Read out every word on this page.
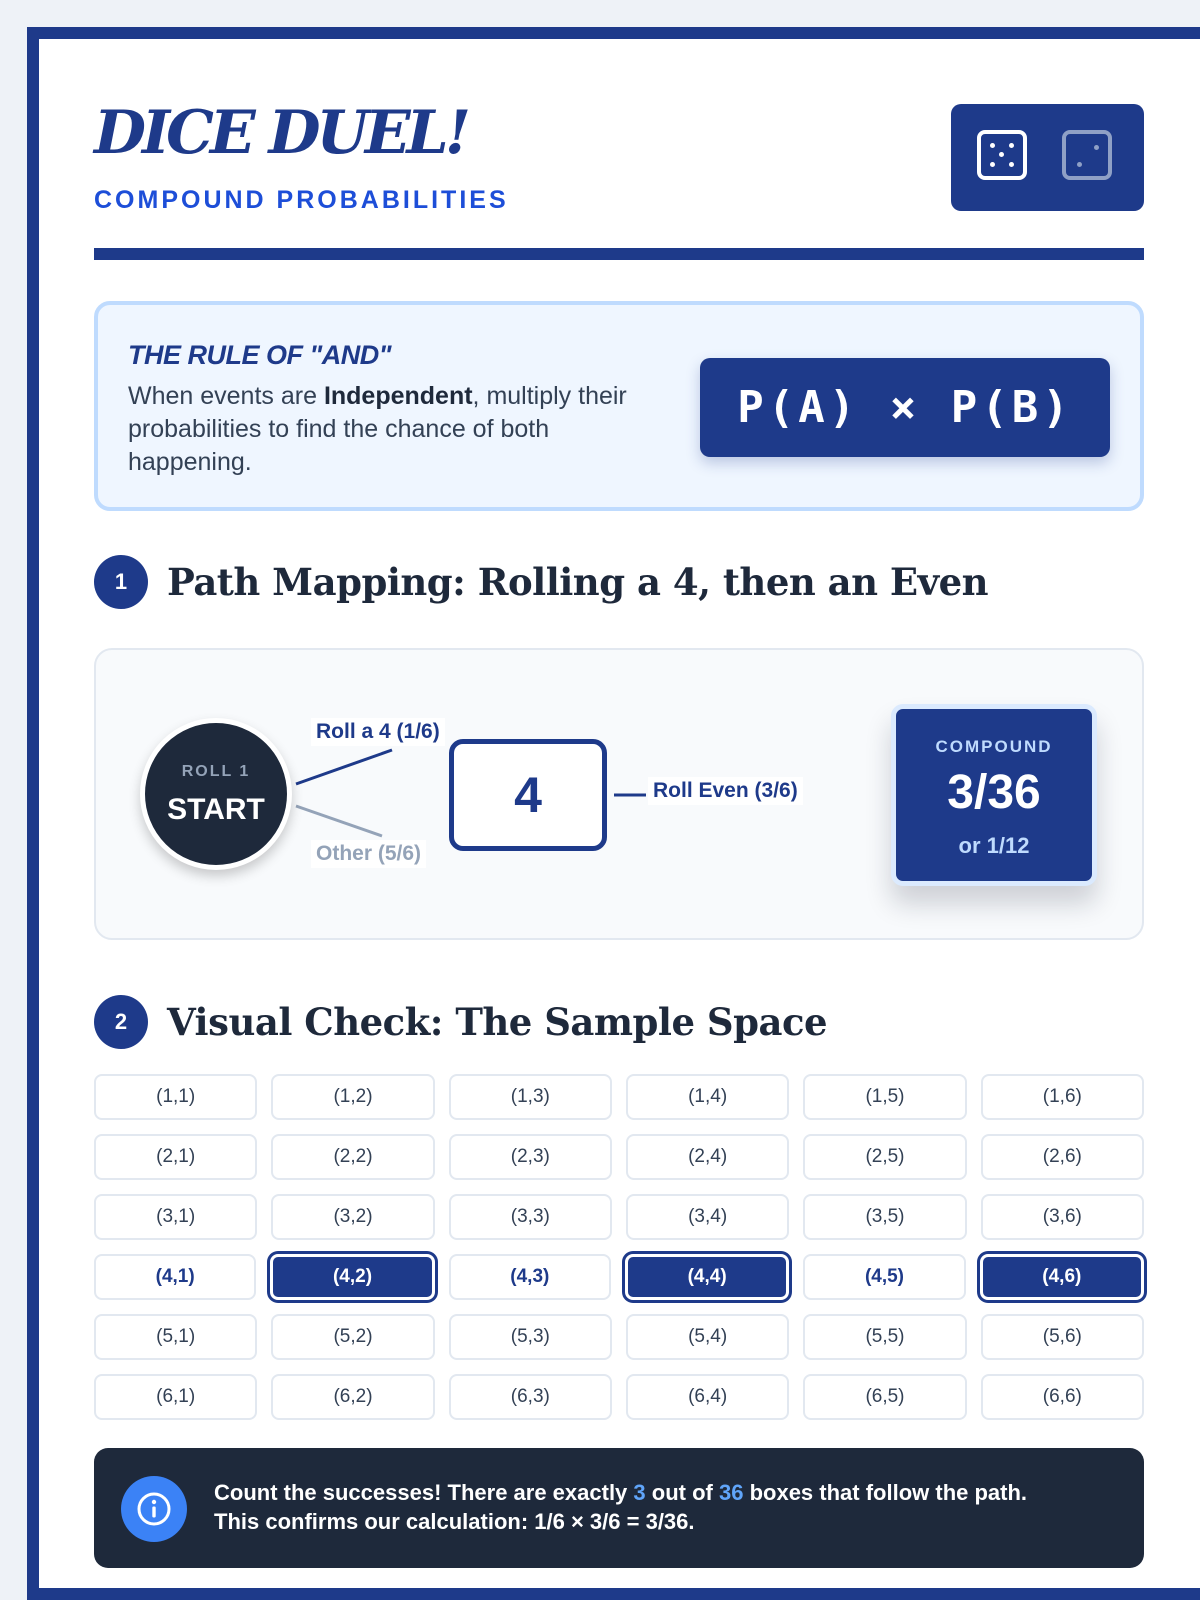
DICE DUEL!
COMPOUND PROBABILITIES
THE RULE OF "AND"
When events are Independent, multiply their probabilities to find the chance of both happening.
P(A) × P(B)
1	Path Mapping: Rolling a 4, then an Even
ROLL 1
START
Roll a 4 (1/6)
Other (5/6)
4	Roll Even (3/6)
COMPOUND
3/36
or 1/12
2	Visual Check: The Sample Space
(1,1)	(1,2)	(1,3)	(1,4)	(1,5)	(1,6)
(2,1)	(2,2)	(2,3)	(2,4)	(2,5)	(2,6)
(3,1)	(3,2)	(3,3)	(3,4)	(3,5)	(3,6)
(4,1)	(4,2)	(4,3)	(4,4)	(4,5)	(4,6)
(5,1)	(5,2)	(5,3)	(5,4)	(5,5)	(5,6)
(6,1)	(6,2)	(6,3)	(6,4)	(6,5)	(6,6)
Count the successes! There are exactly 3 out of 36 boxes that follow the path.
This confirms our calculation: 1/6 × 3/6 = 3/36.
